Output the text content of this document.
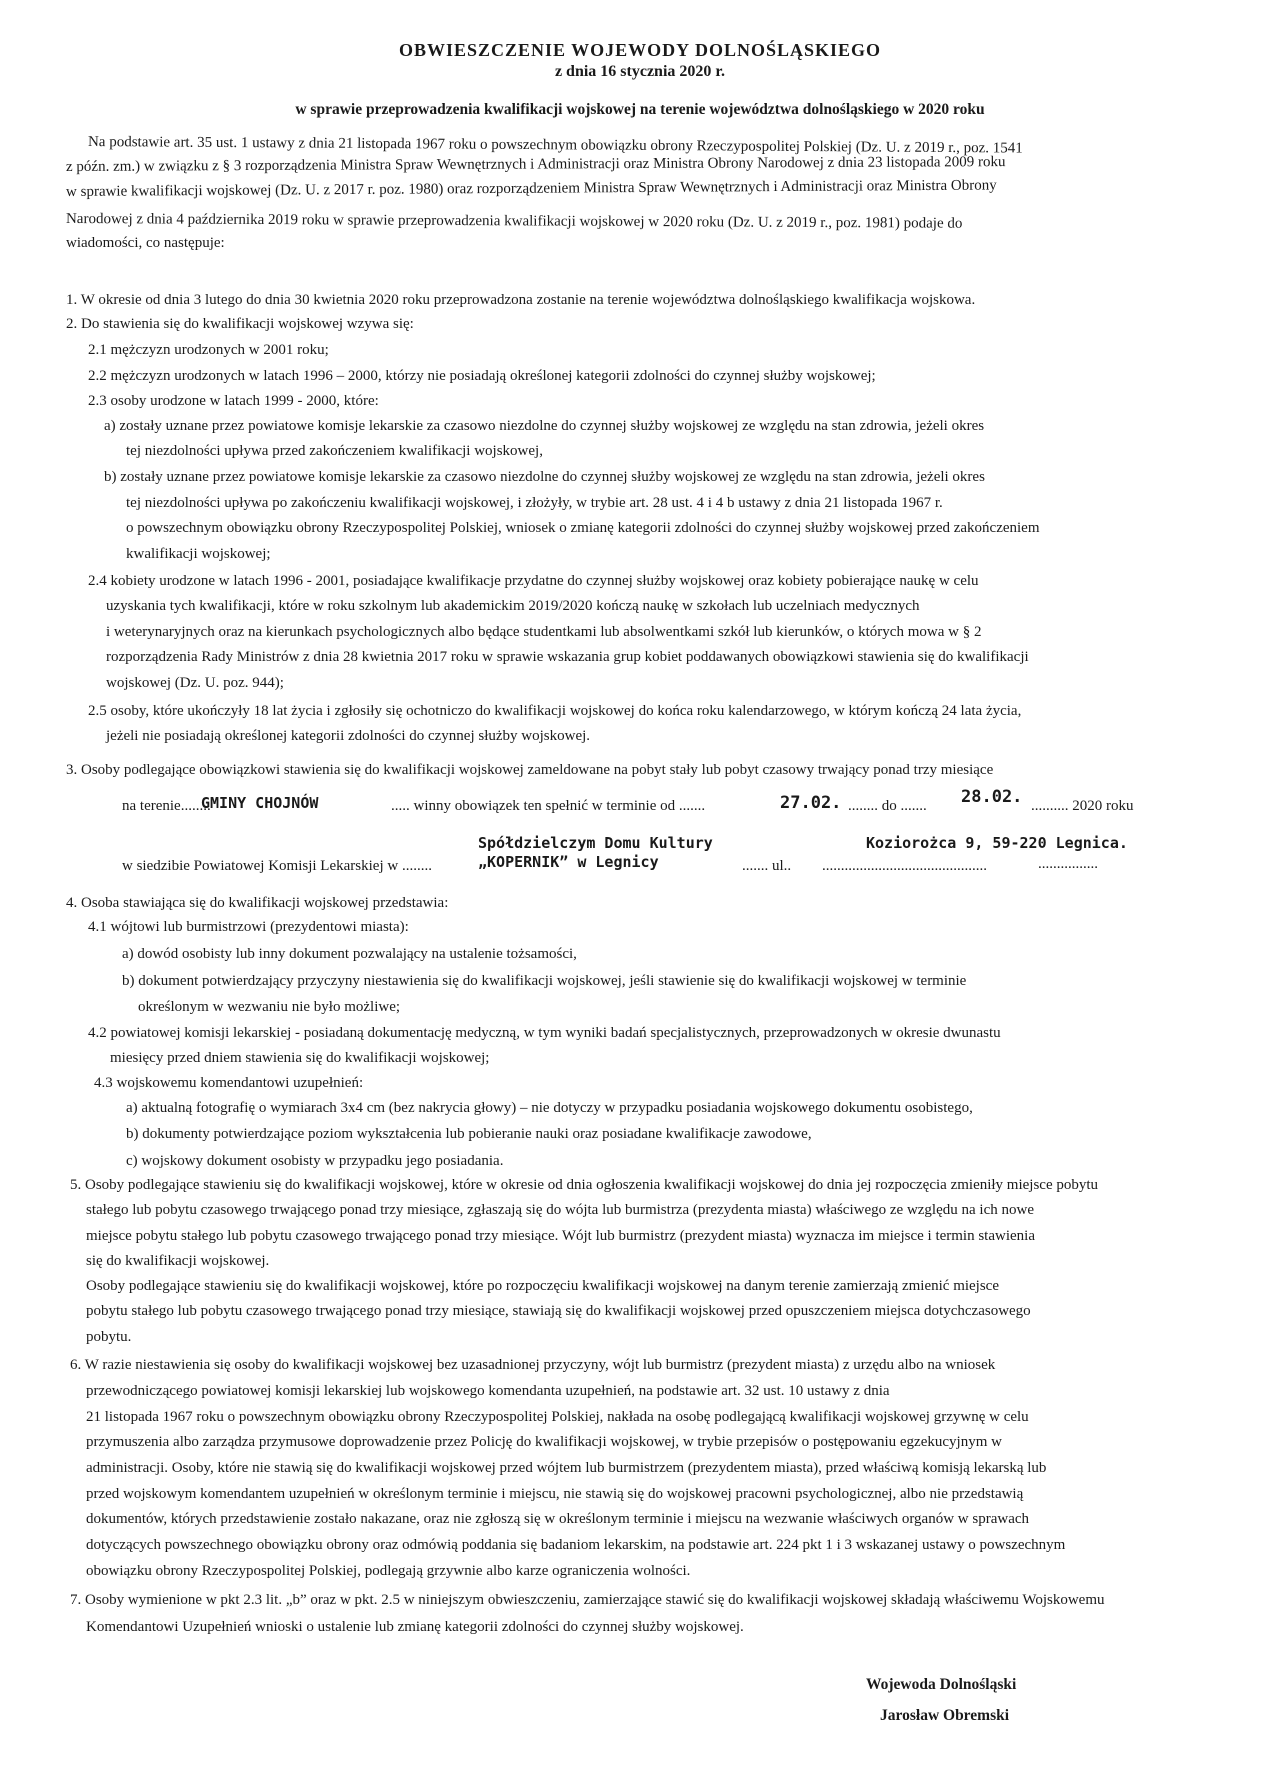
OBWIESZCZENIE WOJEWODY DOLNOŚLĄSKIEGO
z dnia 16 stycznia 2020 r.
w sprawie przeprowadzenia kwalifikacji wojskowej na terenie województwa dolnośląskiego w 2020 roku
Na podstawie art. 35 ust. 1 ustawy z dnia 21 listopada 1967 roku o powszechnym obowiązku obrony Rzeczypospolitej Polskiej (Dz. U. z 2019 r., poz. 1541
z późn. zm.) w związku z § 3 rozporządzenia Ministra Spraw Wewnętrznych i Administracji oraz Ministra Obrony Narodowej z dnia 23 listopada 2009 roku
w sprawie kwalifikacji wojskowej (Dz. U. z 2017 r. poz. 1980) oraz rozporządzeniem Ministra Spraw Wewnętrznych i Administracji oraz Ministra Obrony
Narodowej z dnia 4 października 2019 roku w sprawie przeprowadzenia kwalifikacji wojskowej w 2020 roku (Dz. U. z 2019 r., poz. 1981) podaje do
wiadomości, co następuje:
1. W okresie od dnia 3 lutego do dnia 30 kwietnia 2020 roku przeprowadzona zostanie na terenie województwa dolnośląskiego kwalifikacja wojskowa.
2. Do stawienia się do kwalifikacji wojskowej wzywa się:
2.1 mężczyzn urodzonych w 2001 roku;
2.2 mężczyzn urodzonych w latach 1996 – 2000, którzy nie posiadają określonej kategorii zdolności do czynnej służby wojskowej;
2.3 osoby urodzone w latach 1999 - 2000, które:
a) zostały uznane przez powiatowe komisje lekarskie za czasowo niezdolne do czynnej służby wojskowej ze względu na stan zdrowia, jeżeli okres
tej niezdolności upływa przed zakończeniem kwalifikacji wojskowej,
b) zostały uznane przez powiatowe komisje lekarskie za czasowo niezdolne do czynnej służby wojskowej ze względu na stan zdrowia, jeżeli okres
tej niezdolności upływa po zakończeniu kwalifikacji wojskowej, i złożyły, w trybie art. 28 ust. 4 i 4 b ustawy z dnia 21 listopada 1967 r.
o powszechnym obowiązku obrony Rzeczypospolitej Polskiej, wniosek o zmianę kategorii zdolności do czynnej służby wojskowej przed zakończeniem
kwalifikacji wojskowej;
2.4 kobiety urodzone w latach 1996 - 2001, posiadające kwalifikacje przydatne do czynnej służby wojskowej oraz kobiety pobierające naukę w celu
uzyskania tych kwalifikacji, które w roku szkolnym lub akademickim 2019/2020 kończą naukę w szkołach lub uczelniach medycznych
i weterynaryjnych oraz na kierunkach psychologicznych albo będące studentkami lub absolwentkami szkół lub kierunków, o których mowa w § 2
rozporządzenia Rady Ministrów z dnia 28 kwietnia 2017 roku w sprawie wskazania grup kobiet poddawanych obowiązkowi stawienia się do kwalifikacji
wojskowej (Dz. U. poz. 944);
2.5 osoby, które ukończyły 18 lat życia i zgłosiły się ochotniczo do kwalifikacji wojskowej do końca roku kalendarzowego, w którym kończą 24 lata życia,
jeżeli nie posiadają określonej kategorii zdolności do czynnej służby wojskowej.
3. Osoby podlegające obowiązkowi stawienia się do kwalifikacji wojskowej zameldowane na pobyt stały lub pobyt czasowy trwający ponad trzy miesiące
na terenie........
GMINY CHOJNÓW	..... winny obowiązek ten spełnić w terminie od .......	27.02. ........ do ....... 28.02. .......... 2020 roku
Spółdzielczym Domu Kultury
w siedzibie Powiatowej Komisji Lekarskiej w ........	„KOPERNIK” w Legnicy	....... ul.. ............................................
Koziorożca 9, 59-220 Legnica.
................
4. Osoba stawiająca się do kwalifikacji wojskowej przedstawia:
4.1 wójtowi lub burmistrzowi (prezydentowi miasta):
a) dowód osobisty lub inny dokument pozwalający na ustalenie tożsamości,
b) dokument potwierdzający przyczyny niestawienia się do kwalifikacji wojskowej, jeśli stawienie się do kwalifikacji wojskowej w terminie
określonym w wezwaniu nie było możliwe;
4.2 powiatowej komisji lekarskiej - posiadaną dokumentację medyczną, w tym wyniki badań specjalistycznych, przeprowadzonych w okresie dwunastu
miesięcy przed dniem stawienia się do kwalifikacji wojskowej;
4.3 wojskowemu komendantowi uzupełnień:
a) aktualną fotografię o wymiarach 3x4 cm (bez nakrycia głowy) – nie dotyczy w przypadku posiadania wojskowego dokumentu osobistego,
b) dokumenty potwierdzające poziom wykształcenia lub pobieranie nauki oraz posiadane kwalifikacje zawodowe,
c) wojskowy dokument osobisty w przypadku jego posiadania.
5. Osoby podlegające stawieniu się do kwalifikacji wojskowej, które w okresie od dnia ogłoszenia kwalifikacji wojskowej do dnia jej rozpoczęcia zmieniły miejsce pobytu
stałego lub pobytu czasowego trwającego ponad trzy miesiące, zgłaszają się do wójta lub burmistrza (prezydenta miasta) właściwego ze względu na ich nowe
miejsce pobytu stałego lub pobytu czasowego trwającego ponad trzy miesiące. Wójt lub burmistrz (prezydent miasta) wyznacza im miejsce i termin stawienia
się do kwalifikacji wojskowej.
Osoby podlegające stawieniu się do kwalifikacji wojskowej, które po rozpoczęciu kwalifikacji wojskowej na danym terenie zamierzają zmienić miejsce
pobytu stałego lub pobytu czasowego trwającego ponad trzy miesiące, stawiają się do kwalifikacji wojskowej przed opuszczeniem miejsca dotychczasowego
pobytu.
6. W razie niestawienia się osoby do kwalifikacji wojskowej bez uzasadnionej przyczyny, wójt lub burmistrz (prezydent miasta) z urzędu albo na wniosek
przewodniczącego powiatowej komisji lekarskiej lub wojskowego komendanta uzupełnień, na podstawie art. 32 ust. 10 ustawy z dnia
21 listopada 1967 roku o powszechnym obowiązku obrony Rzeczypospolitej Polskiej, nakłada na osobę podlegającą kwalifikacji wojskowej grzywnę w celu
przymuszenia albo zarządza przymusowe doprowadzenie przez Policję do kwalifikacji wojskowej, w trybie przepisów o postępowaniu egzekucyjnym w
administracji. Osoby, które nie stawią się do kwalifikacji wojskowej przed wójtem lub burmistrzem (prezydentem miasta), przed właściwą komisją lekarską lub
przed wojskowym komendantem uzupełnień w określonym terminie i miejscu, nie stawią się do wojskowej pracowni psychologicznej, albo nie przedstawią
dokumentów, których przedstawienie zostało nakazane, oraz nie zgłoszą się w określonym terminie i miejscu na wezwanie właściwych organów w sprawach
dotyczących powszechnego obowiązku obrony oraz odmówią poddania się badaniom lekarskim, na podstawie art. 224 pkt 1 i 3 wskazanej ustawy o powszechnym
obowiązku obrony Rzeczypospolitej Polskiej, podlegają grzywnie albo karze ograniczenia wolności.
7. Osoby wymienione w pkt 2.3 lit. „b” oraz w pkt. 2.5 w niniejszym obwieszczeniu, zamierzające stawić się do kwalifikacji wojskowej składają właściwemu Wojskowemu
Komendantowi Uzupełnień wnioski o ustalenie lub zmianę kategorii zdolności do czynnej służby wojskowej.
Wojewoda Dolnośląski
Jarosław Obremski
